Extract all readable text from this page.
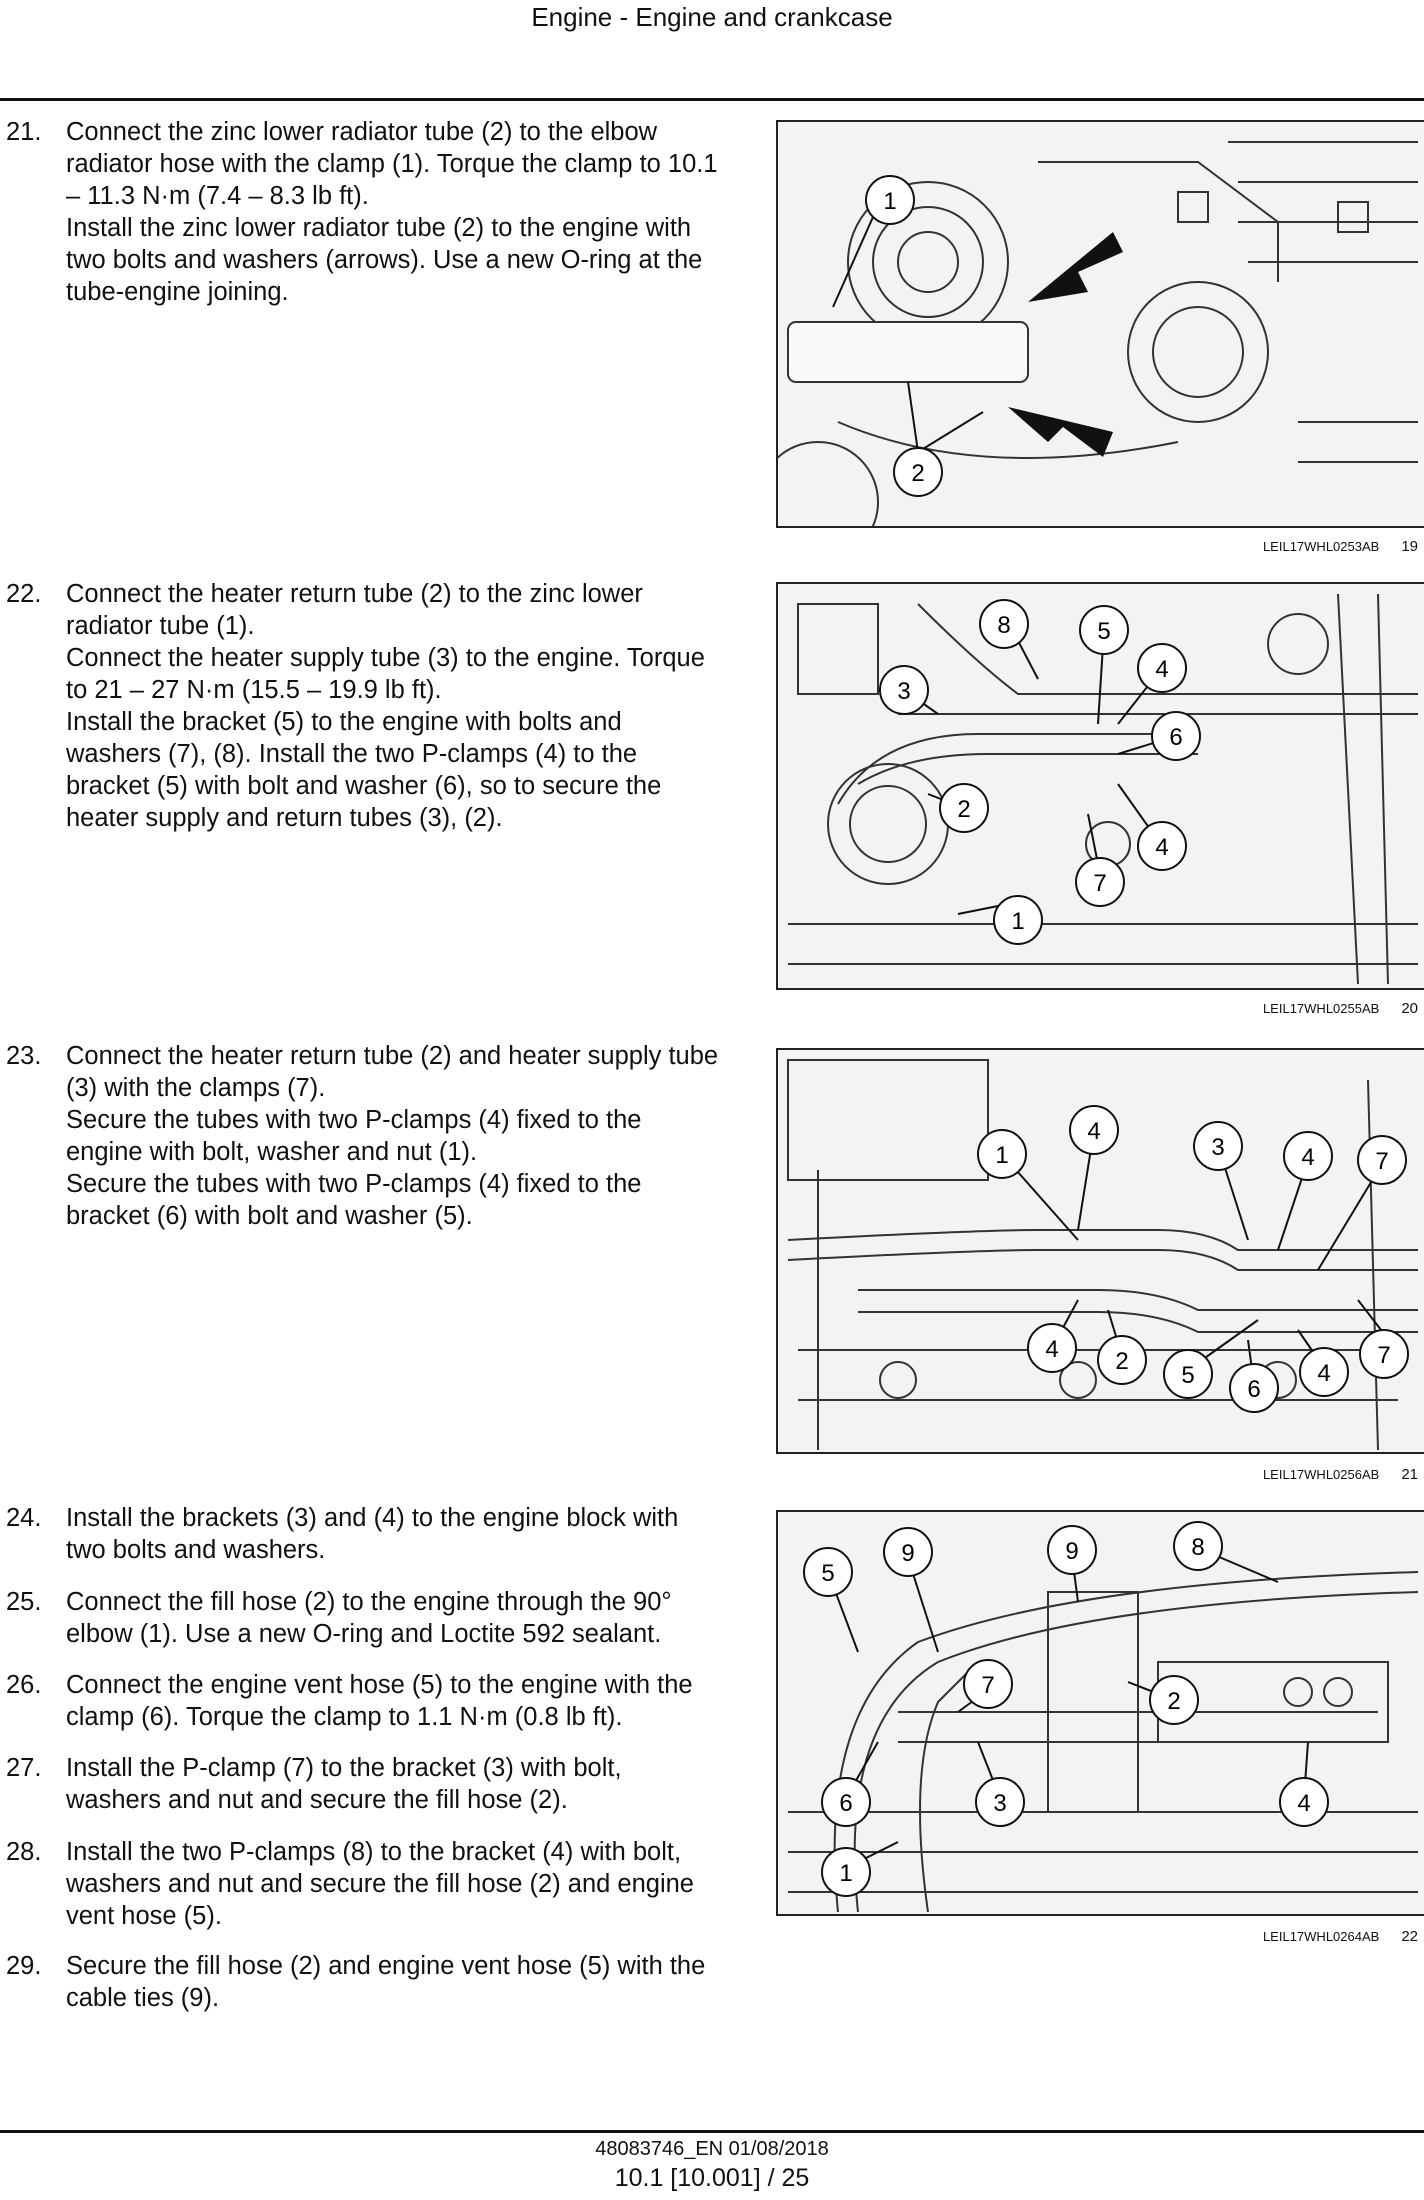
Engine - Engine and crankcase
21. Connect the zinc lower radiator tube (2) to the elbow radiator hose with the clamp (1). Torque the clamp to 10.1 – 11.3 N·m (7.4 – 8.3 lb ft).

Install the zinc lower radiator tube (2) to the engine with two bolts and washers (arrows). Use a new O-ring at the tube-engine joining.

22. Connect the heater return tube (2) to the zinc lower radiator tube (1).

Connect the heater supply tube (3) to the engine. Torque to 21 – 27 N·m (15.5 – 19.9 lb ft).

Install the bracket (5) to the engine with bolts and washers (7), (8). Install the two P-clamps (4) to the bracket (5) with bolt and washer (6), so to secure the heater supply and return tubes (3), (2).

23. Connect the heater return tube (2) and heater supply tube (3) with the clamps (7).

Secure the tubes with two P-clamps (4) fixed to the engine with bolt, washer and nut (1).

Secure the tubes with two P-clamps (4) fixed to the bracket (6) with bolt and washer (5).

24. Install the brackets (3) and (4) to the engine block with two bolts and washers.

25. Connect the fill hose (2) to the engine through the 90° elbow (1). Use a new O-ring and Loctite 592 sealant.

26. Connect the engine vent hose (5) to the engine with the clamp (6). Torque the clamp to 1.1 N·m (0.8 lb ft).

27. Install the P-clamp (7) to the bracket (3) with bolt, washers and nut and secure the fill hose (2).

28. Install the two P-clamps (8) to the bracket (4) with bolt, washers and nut and secure the fill hose (2) and engine vent hose (5).

29. Secure the fill hose (2) and engine vent hose (5) with the cable ties (9).

1
2
LEIL17WHL0253AB 19
8	5
4
3
6
2
4
7
1
LEIL17WHL0255AB 20
4
1	3	4	7
4 2
5
6
4
7
LEIL17WHL0256AB 21
5
9	9	8
7
2
6	3	4
1
LEIL17WHL0264AB 22
48083746_EN 01/08/2018
10.1 [10.001] / 25
